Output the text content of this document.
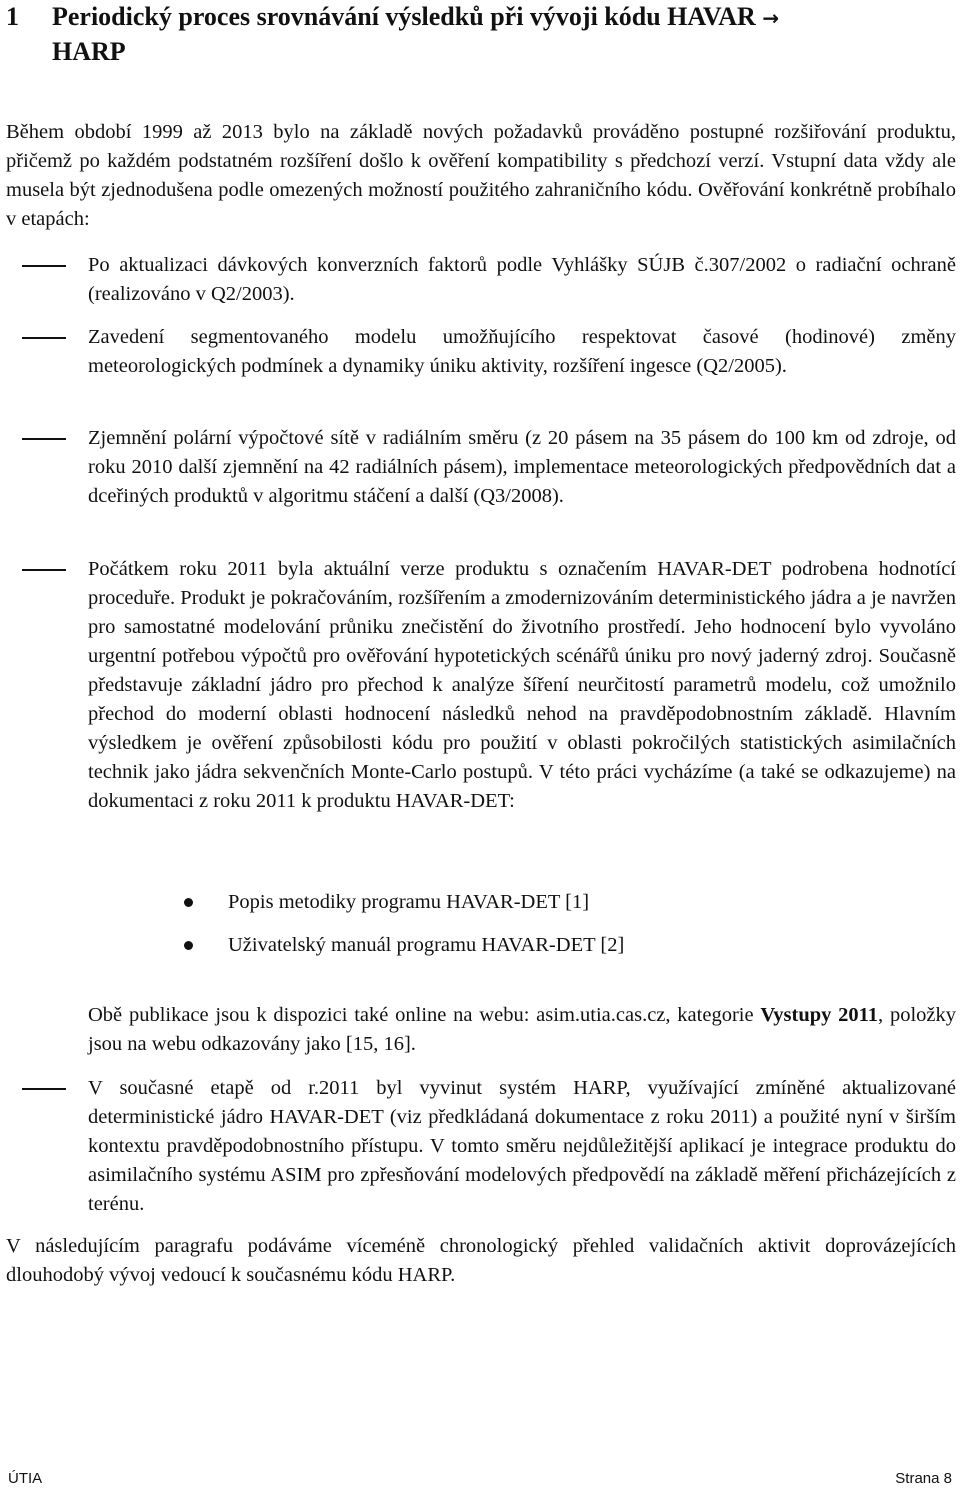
1 Periodický proces srovnávání výsledků při vývoji kódu HAVAR →
HARP

Během období 1999 až 2013 bylo na základě nových požadavků prováděno postupné rozšiřování produktu, přičemž po každém podstatném rozšíření došlo k ověření kompatibility s předchozí verzí. Vstupní data vždy ale musela být zjednodušena podle omezených možností použitého zahraničního kódu. Ověřování konkrétně probíhalo v etapách:

Po aktualizaci dávkových konverzních faktorů podle Vyhlášky SÚJB č.307/2002 o radiační ochraně (realizováno v Q2/2003).

Zavedení segmentovaného modelu umožňujícího respektovat časové (hodinové) změny meteorologických podmínek a dynamiky úniku aktivity, rozšíření ingesce (Q2/2005).

Zjemnění polární výpočtové sítě v radiálním směru (z 20 pásem na 35 pásem do 100 km od zdroje, od roku 2010 další zjemnění na 42 radiálních pásem), implementace meteorologických předpovědních dat a dceřiných produktů v algoritmu stáčení a další (Q3/2008).

Počátkem roku 2011 byla aktuální verze produktu s označením HAVAR-DET podrobena hodnotící proceduře. Produkt je pokračováním, rozšířením a zmodernizováním deterministického jádra a je navržen pro samostatné modelování průniku znečistění do životního prostředí. Jeho hodnocení bylo vyvoláno urgentní potřebou výpočtů pro ověřování hypotetických scénářů úniku pro nový jaderný zdroj. Současně představuje základní jádro pro přechod k analýze šíření neurčitostí parametrů modelu, což umožnilo přechod do moderní oblasti hodnocení následků nehod na pravděpodobnostním základě. Hlavním výsledkem je ověření způsobilosti kódu pro použití v oblasti pokročilých statistických asimilačních technik jako jádra sekvenčních Monte-Carlo postupů. V této práci vycházíme (a také se odkazujeme) na dokumentaci z roku 2011 k produktu HAVAR-DET:

Popis metodiky programu HAVAR-DET [1]
Uživatelský manuál programu HAVAR-DET [2]

Obě publikace jsou k dispozici také online na webu: asim.utia.cas.cz, kategorie Vystupy 2011, položky jsou na webu odkazovány jako [15, 16].

V současné etapě od r.2011 byl vyvinut systém HARP, využívající zmíněné aktualizované deterministické jádro HAVAR-DET (viz předkládaná dokumentace z roku 2011) a použité nyní v širším kontextu pravděpodobnostního přístupu. V tomto směru nejdůležitější aplikací je integrace produktu do asimilačního systému ASIM pro zpřesňování modelových předpovědí na základě měření přicházejících z terénu.

V následujícím paragrafu podáváme víceméně chronologický přehled validačních aktivit doprovázejících dlouhodobý vývoj vedoucí k současnému kódu HARP.

ÚTIA	Strana 8
